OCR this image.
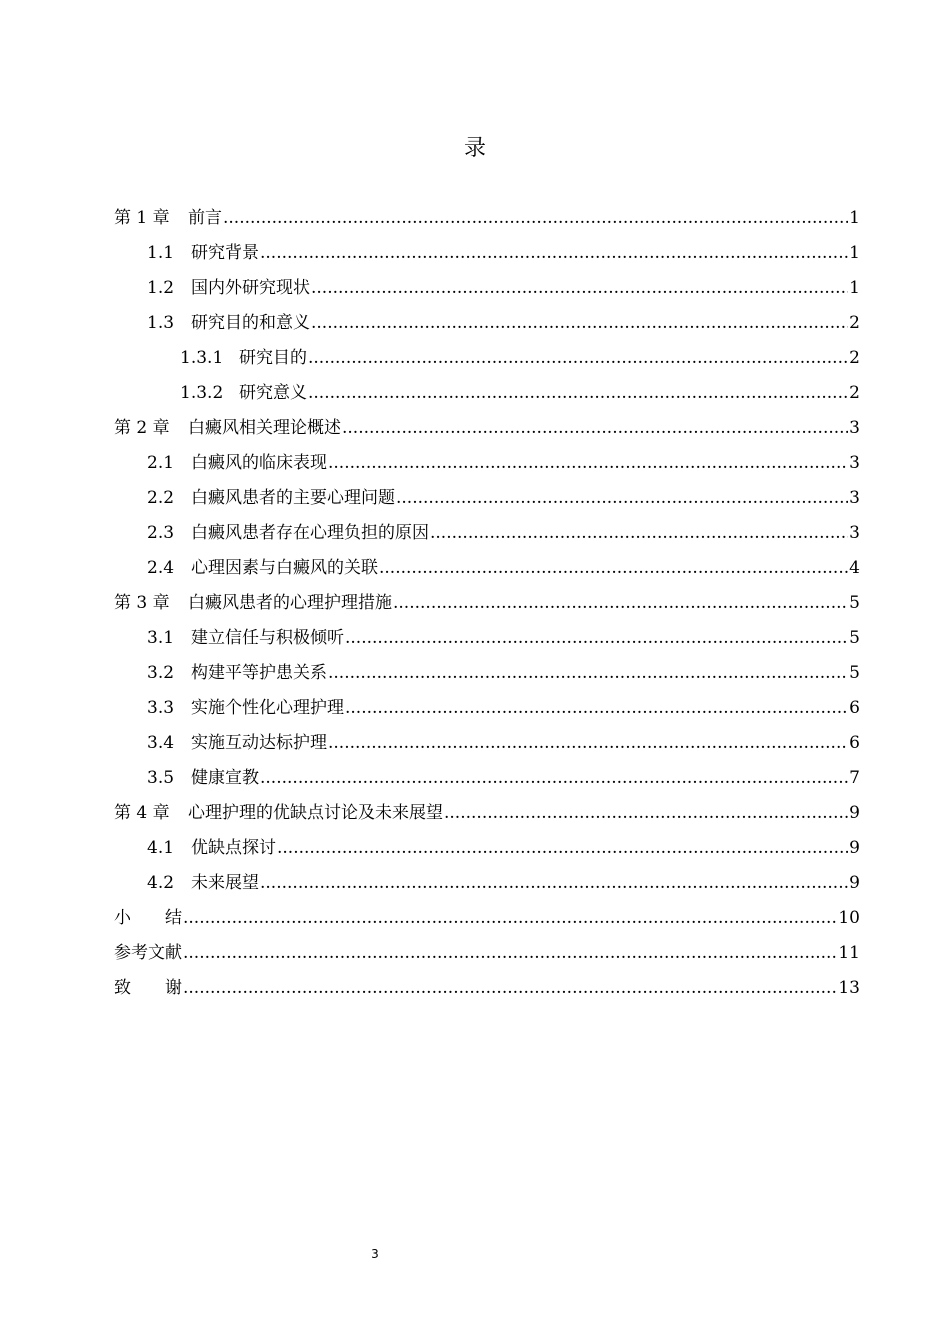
录
第 1 章	前言 .....	1
1.1 研究背景 .....	1
1.2 国内外研究现状 .....	1
1.3 研究目的和意义 .....	2
1.3.1 研究目的 .....	2
1.3.2 研究意义 .....	2
第 2 章	白癜风相关理论概述 .....	3
2.1 白癜风的临床表现 .....	3
2.2 白癜风患者的主要心理问题 .....	3
2.3 白癜风患者存在心理负担的原因 .....	3
2.4 心理因素与白癜风的关联 .....	4
第 3 章	白癜风患者的心理护理措施 .....	5
3.1 建立信任与积极倾听 .....	5
3.2 构建平等护患关系 .....	5
3.3 实施个性化心理护理 .....	6
3.4 实施互动达标护理 .....	6
3.5 健康宣教 .....	7
第 4 章	心理护理的优缺点讨论及未来展望 .....	9
4.1 优缺点探讨 .....	9
4.2 未来展望 .....	9
小　　结 .....	10
参考文献 .....	11
致　　谢 .....	13
3
